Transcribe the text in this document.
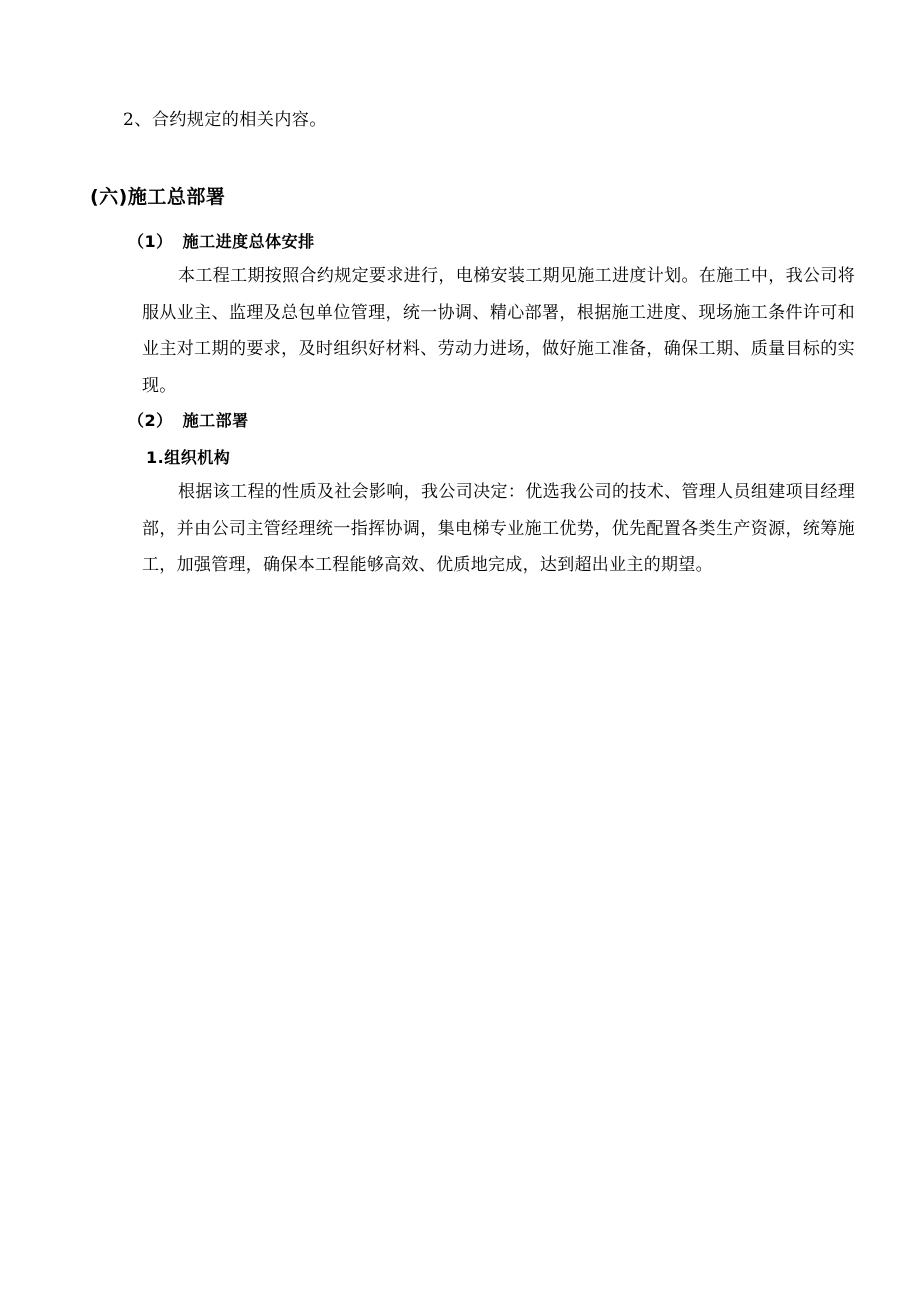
2、合约规定的相关内容。
(六)施工总部署
（1） 施工进度总体安排
本工程工期按照合约规定要求进行，电梯安装工期见施工进度计划。在施工中，我公司将服从业主、监理及总包单位管理，统一协调、精心部署，根据施工进度、现场施工条件许可和业主对工期的要求，及时组织好材料、劳动力进场，做好施工准备，确保工期、质量目标的实现。
（2） 施工部署
1.组织机构
根据该工程的性质及社会影响，我公司决定：优选我公司的技术、管理人员组建项目经理部，并由公司主管经理统一指挥协调，集电梯专业施工优势，优先配置各类生产资源，统筹施工，加强管理，确保本工程能够高效、优质地完成，达到超出业主的期望。
